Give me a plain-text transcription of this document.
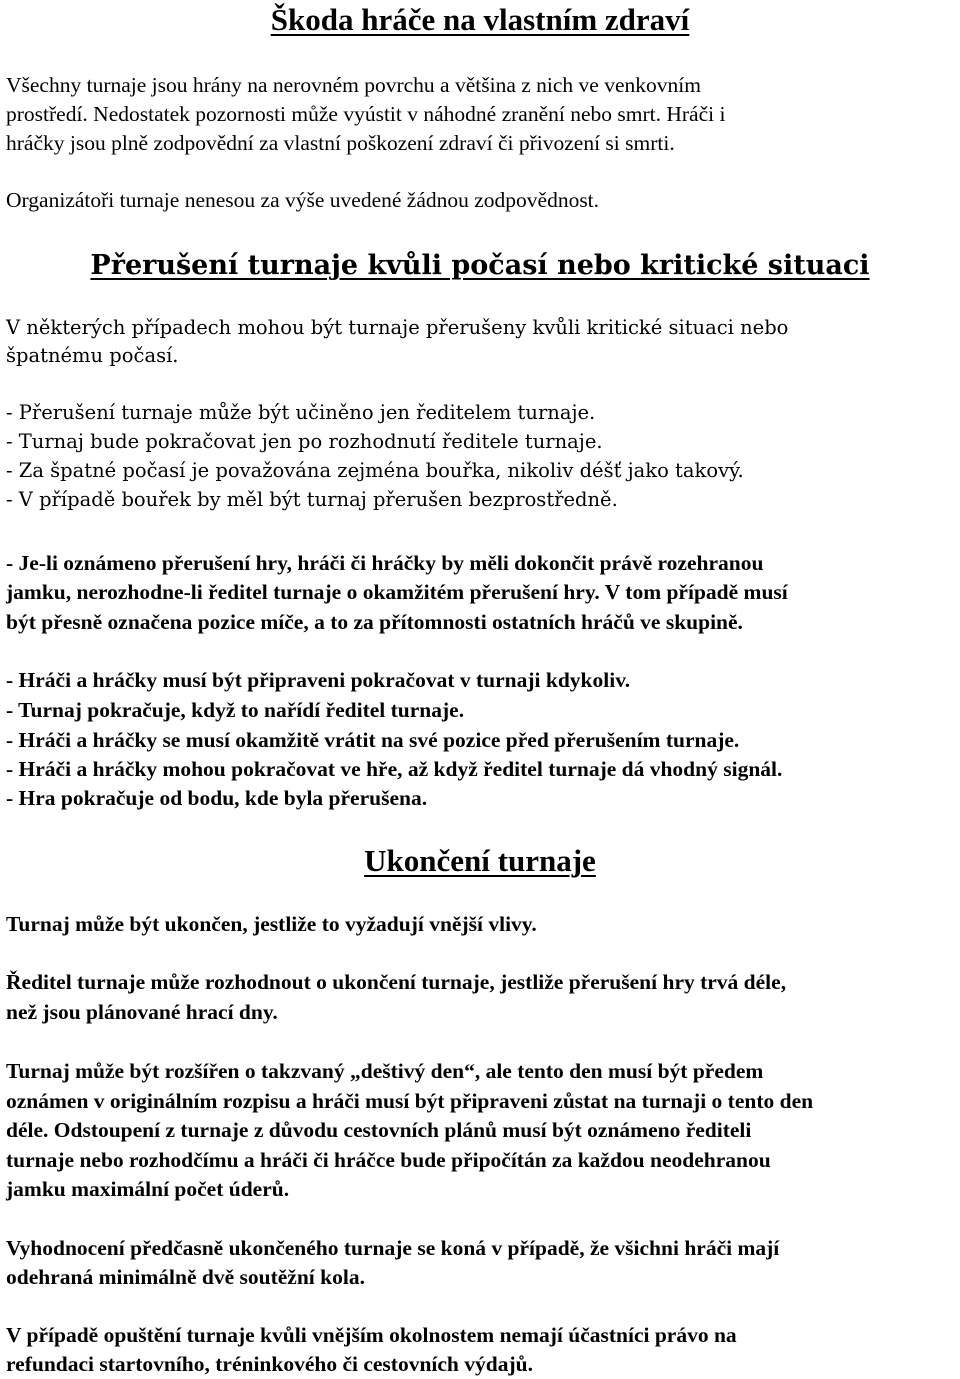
Škoda hráče na vlastním zdraví

Všechny turnaje jsou hrány na nerovném povrchu a většina z nich ve venkovním

prostředí. Nedostatek pozornosti může vyústit v náhodné zranění nebo smrt. Hráči i

hráčky jsou plně zodpovědní za vlastní poškození zdraví či přivození si smrti.

Organizátoři turnaje nenesou za výše uvedené žádnou zodpovědnost.

Přerušení turnaje kvůli počasí nebo kritické situaci

V některých případech mohou být turnaje přerušeny kvůli kritické situaci nebo

špatnému počasí.

- Přerušení turnaje může být učiněno jen ředitelem turnaje.

- Turnaj bude pokračovat jen po rozhodnutí ředitele turnaje.

- Za špatné počasí je považována zejména bouřka, nikoliv déšť jako takový.

- V případě bouřek by měl být turnaj přerušen bezprostředně.

- Je-li oznámeno přerušení hry, hráči či hráčky by měli dokončit právě rozehranou

jamku, nerozhodne-li ředitel turnaje o okamžitém přerušení hry. V tom případě musí

být přesně označena pozice míče, a to za přítomnosti ostatních hráčů ve skupině.

- Hráči a hráčky musí být připraveni pokračovat v turnaji kdykoliv.

- Turnaj pokračuje, když to nařídí ředitel turnaje.

- Hráči a hráčky se musí okamžitě vrátit na své pozice před přerušením turnaje.

- Hráči a hráčky mohou pokračovat ve hře, až když ředitel turnaje dá vhodný signál.

- Hra pokračuje od bodu, kde byla přerušena.

Ukončení turnaje

Turnaj může být ukončen, jestliže to vyžadují vnější vlivy.

Ředitel turnaje může rozhodnout o ukončení turnaje, jestliže přerušení hry trvá déle,

než jsou plánované hrací dny.

Turnaj může být rozšířen o takzvaný „deštivý den“, ale tento den musí být předem

oznámen v originálním rozpisu a hráči musí být připraveni zůstat na turnaji o tento den

déle. Odstoupení z turnaje z důvodu cestovních plánů musí být oznámeno řediteli

turnaje nebo rozhodčímu a hráči či hráčce bude připočítán za každou neodehranou

jamku maximální počet úderů.

Vyhodnocení předčasně ukončeného turnaje se koná v případě, že všichni hráči mají

odehraná minimálně dvě soutěžní kola.

V případě opuštění turnaje kvůli vnějším okolnostem nemají účastníci právo na

refundaci startovního, tréninkového či cestovních výdajů.
